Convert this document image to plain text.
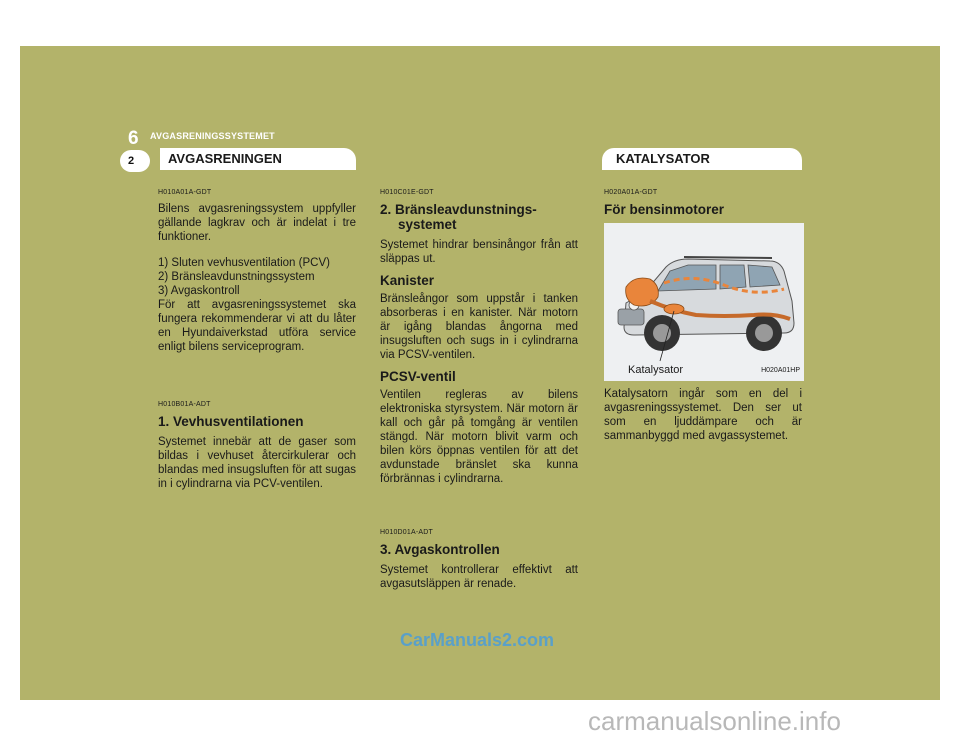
6 AVGASRENINGSSYSTEMET
2	AVGASRENINGEN	KATALYSATOR
H010A01A-GDT

Bilens avgasreningssystem uppfyller gällande lagkrav och är indelat i tre funktioner.

1) Sluten vevhusventilation (PCV)
2) Bränsleavdunstningssystem
3) Avgaskontroll

För att avgasreningssystemet ska fungera rekommenderar vi att du låter en Hyundaiverkstad utföra service enligt bilens serviceprogram.

H010B01A-ADT
1. Vevhusventilationen

Systemet innebär att de gaser som bildas i vevhuset återcirkulerar och blandas med insugsluften för att sugas in i cylindrarna via PCV-ventilen.

H010C01E-GDT
2. Bränsleavdunstnings-
systemet

Systemet hindrar bensinångor från att släppas ut.

Kanister

Bränsleångor som uppstår i tanken absorberas i en kanister. När motorn är igång blandas ångorna med insugsluften och sugs in i cylindrarna via PCSV-ventilen.

PCSV-ventil

Ventilen regleras av bilens elektroniska styrsystem. När motorn är kall och går på tomgång är ventilen stängd. När motorn blivit varm och bilen körs öppnas ventilen för att det avdunstade bränslet ska kunna förbrännas i cylindrarna.

H010D01A-ADT
3. Avgaskontrollen

Systemet kontrollerar effektivt att avgasutsläppen är renade.

H020A01A-GDT
För bensinmotorer
Katalysator	H020A01HP

Katalysatorn ingår som en del i avgasreningssystemet. Den ser ut som en ljuddämpare och är sammanbyggd med avgassystemet.

CarManuals2.com
carmanualsonline.info
